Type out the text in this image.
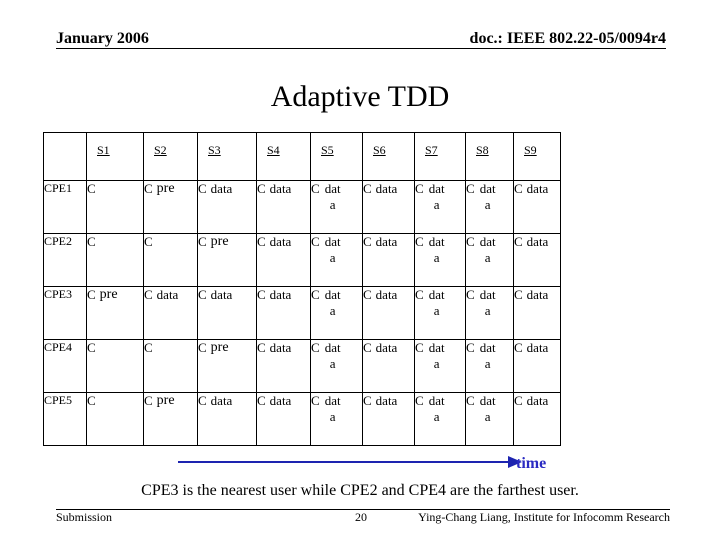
January 2006	doc.: IEEE 802.22-05/0094r4
Adaptive TDD
	S1	S2	S3	S4	S5	S6	S7	S8	S9
CPE1	C	C pre	C data	C data	C data	C data	C data	C data	C data

CPE2	C	C	C pre	C data	C data	C data	C data	C data	C data

CPE3	C pre	C data	C data	C data	C data	C data	C data	C data	C data

CPE4	C	C	C pre	C data	C data	C data	C data	C data	C data

CPE5	C	C pre	C data	C data	C data	C data	C data	C data	C data
time
CPE3 is the nearest user while CPE2 and CPE4 are the farthest user.
Submission	20	Ying-Chang Liang, Institute for Infocomm Research
